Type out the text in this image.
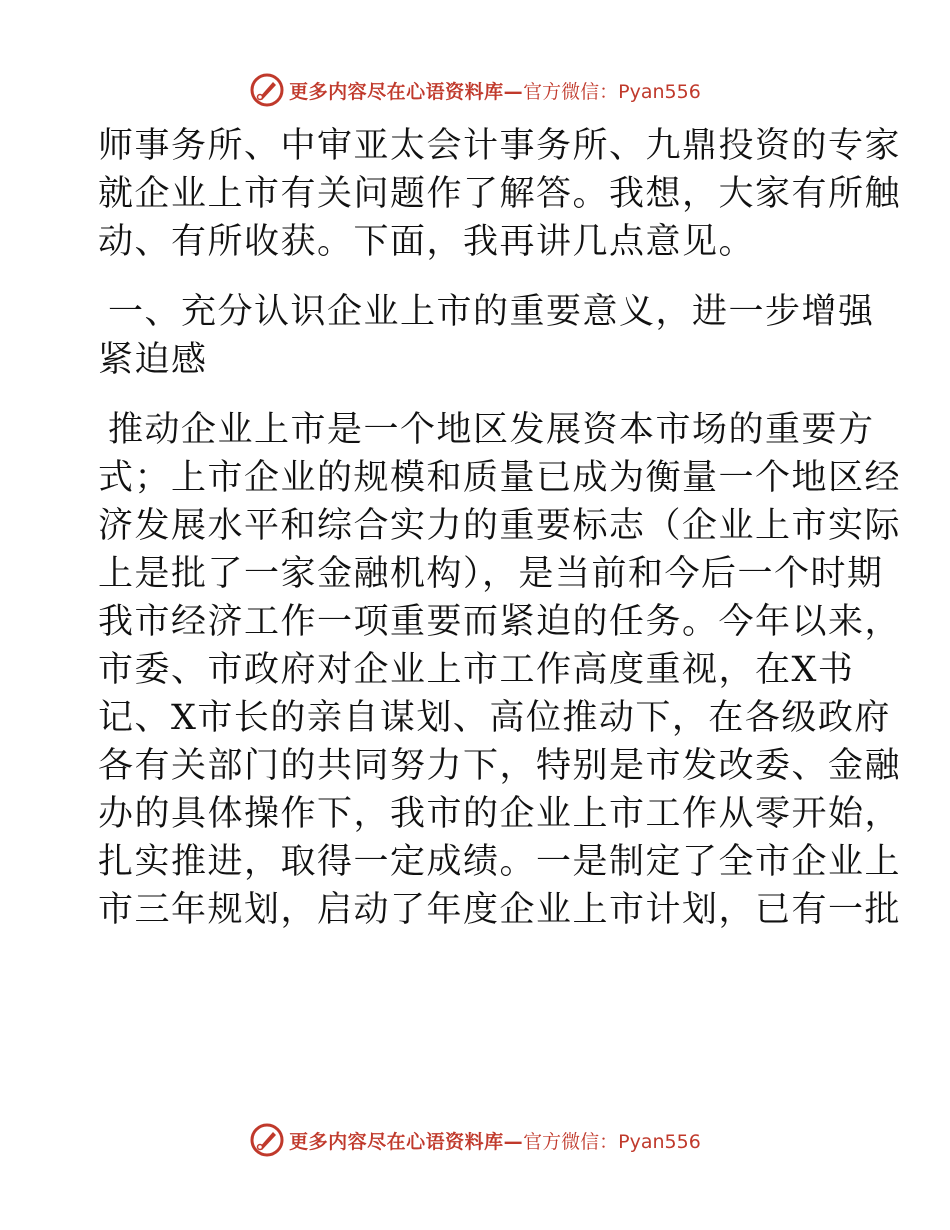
更多内容尽在心语资料库— 官方微信：Pyan556
师事务所、中审亚太会计事务所、九鼎投资的专家
就企业上市有关问题作了解答。我想，大家有所触
动、有所收获。下面，我再讲几点意见。
一、充分认识企业上市的重要意义，进一步增强
紧迫感
推动企业上市是一个地区发展资本市场的重要方
式；上市企业的规模和质量已成为衡量一个地区经
济发展水平和综合实力的重要标志（企业上市实际
上是批了一家金融机构），是当前和今后一个时期
我市经济工作一项重要而紧迫的任务。今年以来，
市委、市政府对企业上市工作高度重视，在X书
记、X市长的亲自谋划、高位推动下，在各级政府
各有关部门的共同努力下，特别是市发改委、金融
办的具体操作下，我市的企业上市工作从零开始，
扎实推进，取得一定成绩。一是制定了全市企业上
市三年规划，启动了年度企业上市计划，已有一批
更多内容尽在心语资料库— 官方微信：Pyan556
